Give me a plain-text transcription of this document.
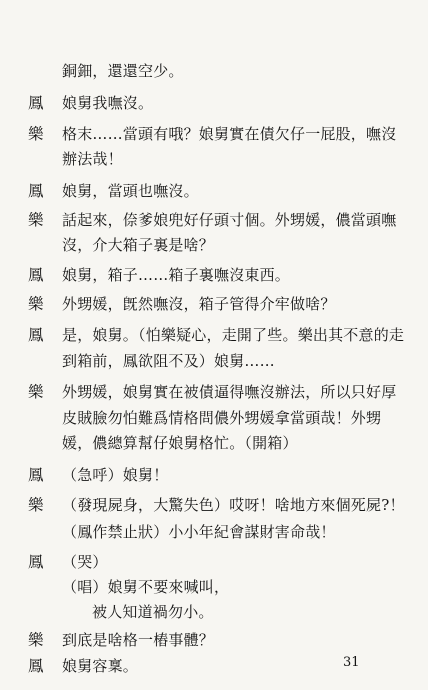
銅鈿，還還空少。
鳳	娘舅我嘸沒。
樂	格末……當頭有哦？娘舅實在債欠仔一屁股，嘸沒
辦法哉！
鳳	娘舅，當頭也嘸沒。
樂	話起來，倷爹娘兜好仔頭寸個。外甥媛，儂當頭嘸
沒，介大箱子裏是啥？
鳳	娘舅，箱子……箱子裏嘸沒東西。
樂	外甥媛，旣然嘸沒，箱子管得介牢做啥？
鳳	是，娘舅。（怕樂疑心，走開了些。樂出其不意的走
到箱前，鳳欲阻不及）娘舅……
樂	外甥媛，娘舅實在被債逼得嘸沒辦法，所以只好厚
皮賊臉勿怕難爲情格問儂外甥媛拿當頭哉！外甥
媛，儂總算幫仔娘舅格忙。（開箱）
鳳	（急呼）娘舅！
樂	（發現屍身，大驚失色）哎呀！啥地方來個死屍?！
（鳳作禁止狀）小小年紀會謀財害命哉！
鳳	（哭）
（唱）娘舅不要來喊叫，
被人知道禍勿小。
樂	到底是啥格一樁事體？
鳳	娘舅容稟。	31
